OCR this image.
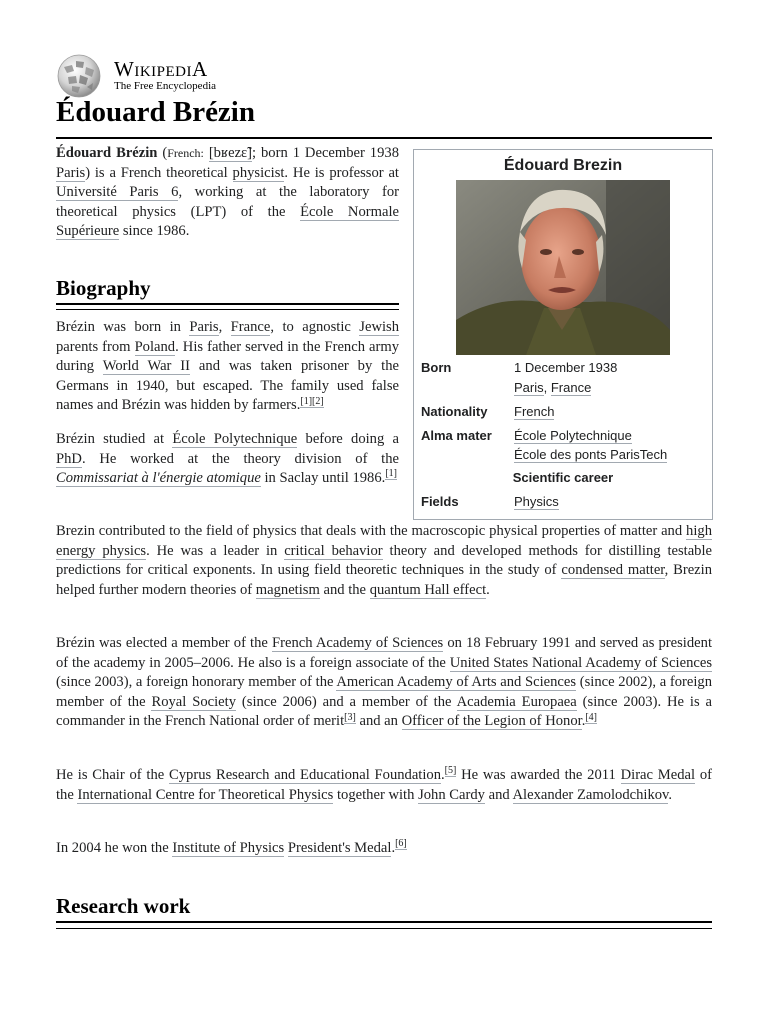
WIKIPEDIA
The Free Encyclopedia
Édouard Brézin

Édouard Brézin (French: [bʁezɛ̃]; born 1 December 1938 Paris) is a French theoretical physicist. He is professor at Université Paris 6, working at the laboratory for theoretical physics (LPT) of the École Normale Supérieure since 1986.

Biography

Brézin was born in Paris, France, to agnostic Jewish parents from Poland. His father served in the French army during World War II and was taken prisoner by the Germans in 1940, but escaped. The family used false names and Brézin was hidden by farmers.[1][2]

Brézin studied at École Polytechnique before doing a PhD. He worked at the theory division of the Commissariat à l'énergie atomique in Saclay until 1986.[1]

Brezin contributed to the field of physics that deals with the macroscopic physical properties of matter and high energy physics. He was a leader in critical behavior theory and developed methods for distilling testable predictions for critical exponents. In using field theoretic techniques in the study of condensed matter, Brezin helped further modern theories of magnetism and the quantum Hall effect.

Brézin was elected a member of the French Academy of Sciences on 18 February 1991 and served as president of the academy in 2005–2006. He also is a foreign associate of the United States National Academy of Sciences (since 2003), a foreign honorary member of the American Academy of Arts and Sciences (since 2002), a foreign member of the Royal Society (since 2006) and a member of the Academia Europaea (since 2003). He is a commander in the French National order of merit[3] and an Officer of the Legion of Honor.[4]

He is Chair of the Cyprus Research and Educational Foundation.[5] He was awarded the 2011 Dirac Medal of the International Centre for Theoretical Physics together with John Cardy and Alexander Zamolodchikov.

In 2004 he won the Institute of Physics President's Medal.[6]

Research work
Édouard Brezin
Born	1 December 1938
Paris, France
Nationality French
Alma mater École Polytechnique
École des ponts ParisTech
Scientific career
Fields	Physics
